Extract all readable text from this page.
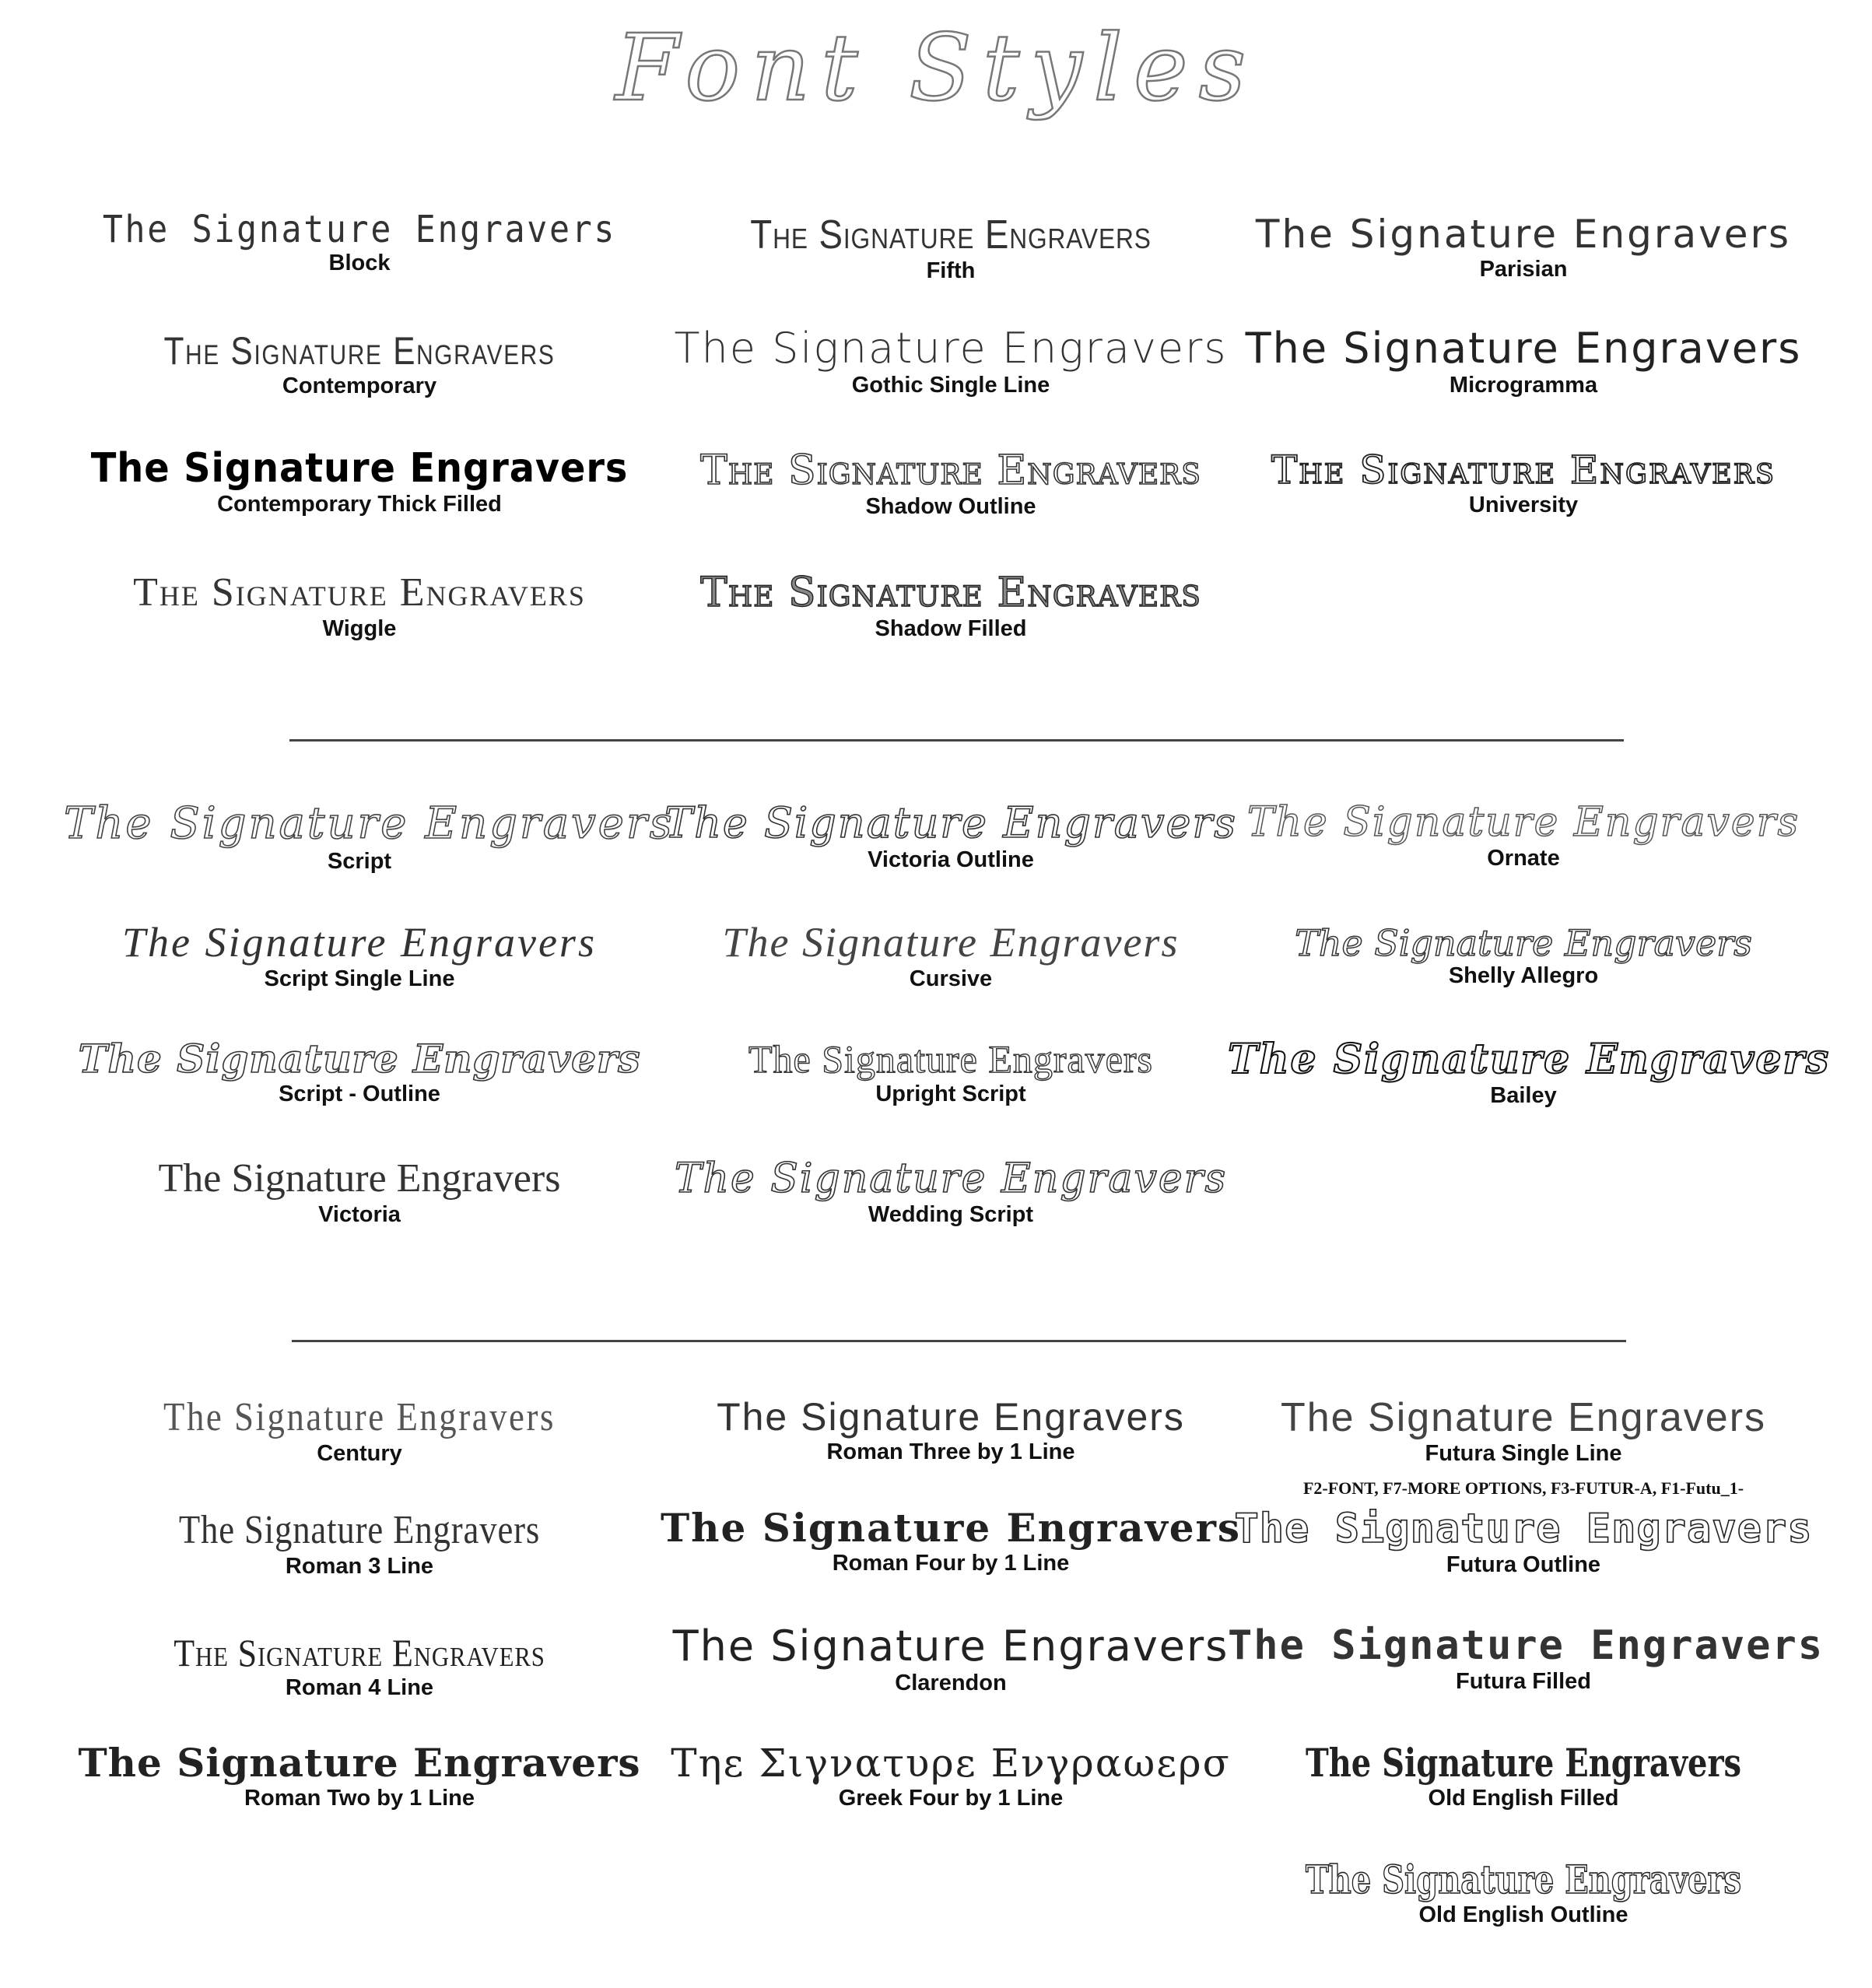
Font Styles
The Signature Engravers
Block
The Signature Engravers
Fifth
The Signature Engravers
Parisian
The Signature Engravers
Contemporary
The Signature Engravers
Gothic Single Line
The Signature Engravers
Microgramma
The Signature Engravers
Contemporary Thick Filled
The Signature Engravers
Shadow Outline
The Signature Engravers
University
The Signature Engravers
Wiggle
The Signature Engravers
Shadow Filled
The Signature Engravers
Script
The Signature Engravers
Victoria Outline
The Signature Engravers
Ornate
The Signature Engravers
Script Single Line
The Signature Engravers
Cursive
The Signature Engravers
Shelly Allegro
The Signature Engravers
Script - Outline
The Signature Engravers
Upright Script
The Signature Engravers
Bailey
The Signature Engravers
Victoria
The Signature Engravers
Wedding Script
The Signature Engravers
Century
The Signature Engravers
Roman Three by 1 Line
The Signature Engravers
Futura Single Line
F2-FONT, F7-MORE OPTIONS, F3-FUTUR-A, F1-Futu_1-
The Signature Engravers
Roman 3 Line
The Signature Engravers
Roman Four by 1 Line
The Signature Engravers
Futura Outline
The Signature Engravers
Roman 4 Line
The Signature Engravers
Clarendon
The Signature Engravers
Futura Filled
The Signature Engravers
Roman Two by 1 Line
Τηε Σιγνατυρε Ενγραωερσ
Greek Four by 1 Line
The Signature Engravers
Old English Filled
The Signature Engravers
Old English Outline
